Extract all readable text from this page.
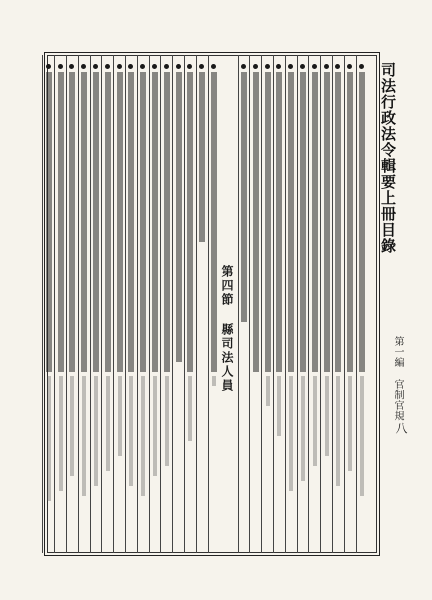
司法行政法令輯要上冊目錄
第一編 官制官規
八
第四節 縣司法人員
